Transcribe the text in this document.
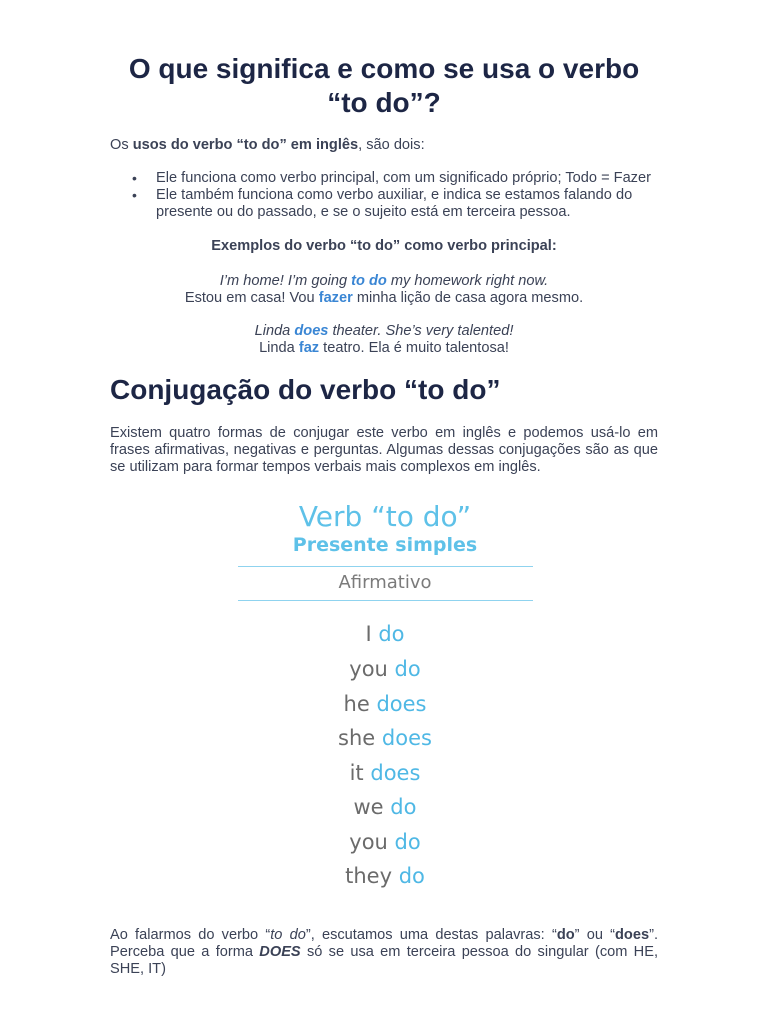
O que significa e como se usa o verbo “to do”?
Os usos do verbo “to do” em inglês, são dois:
• Ele funciona como verbo principal, com um significado próprio; Todo = Fazer
• Ele também funciona como verbo auxiliar, e indica se estamos falando do presente ou do passado, e se o sujeito está em terceira pessoa.
Exemplos do verbo “to do” como verbo principal:
I’m home! I’m going to do my homework right now.
Estou em casa! Vou fazer minha lição de casa agora mesmo.
Linda does theater. She’s very talented!
Linda faz teatro. Ela é muito talentosa!
Conjugação do verbo “to do”
Existem quatro formas de conjugar este verbo em inglês e podemos usá-lo em frases afirmativas, negativas e perguntas. Algumas dessas conjugações são as que se utilizam para formar tempos verbais mais complexos em inglês.
Verb “to do”
Presente simples
Afirmativo
I do
you do
he does
she does
it does
we do
you do
they do
Ao falarmos do verbo “to do”, escutamos uma destas palavras: “do” ou “does”. Perceba que a forma DOES só se usa em terceira pessoa do singular (com HE, SHE, IT)
